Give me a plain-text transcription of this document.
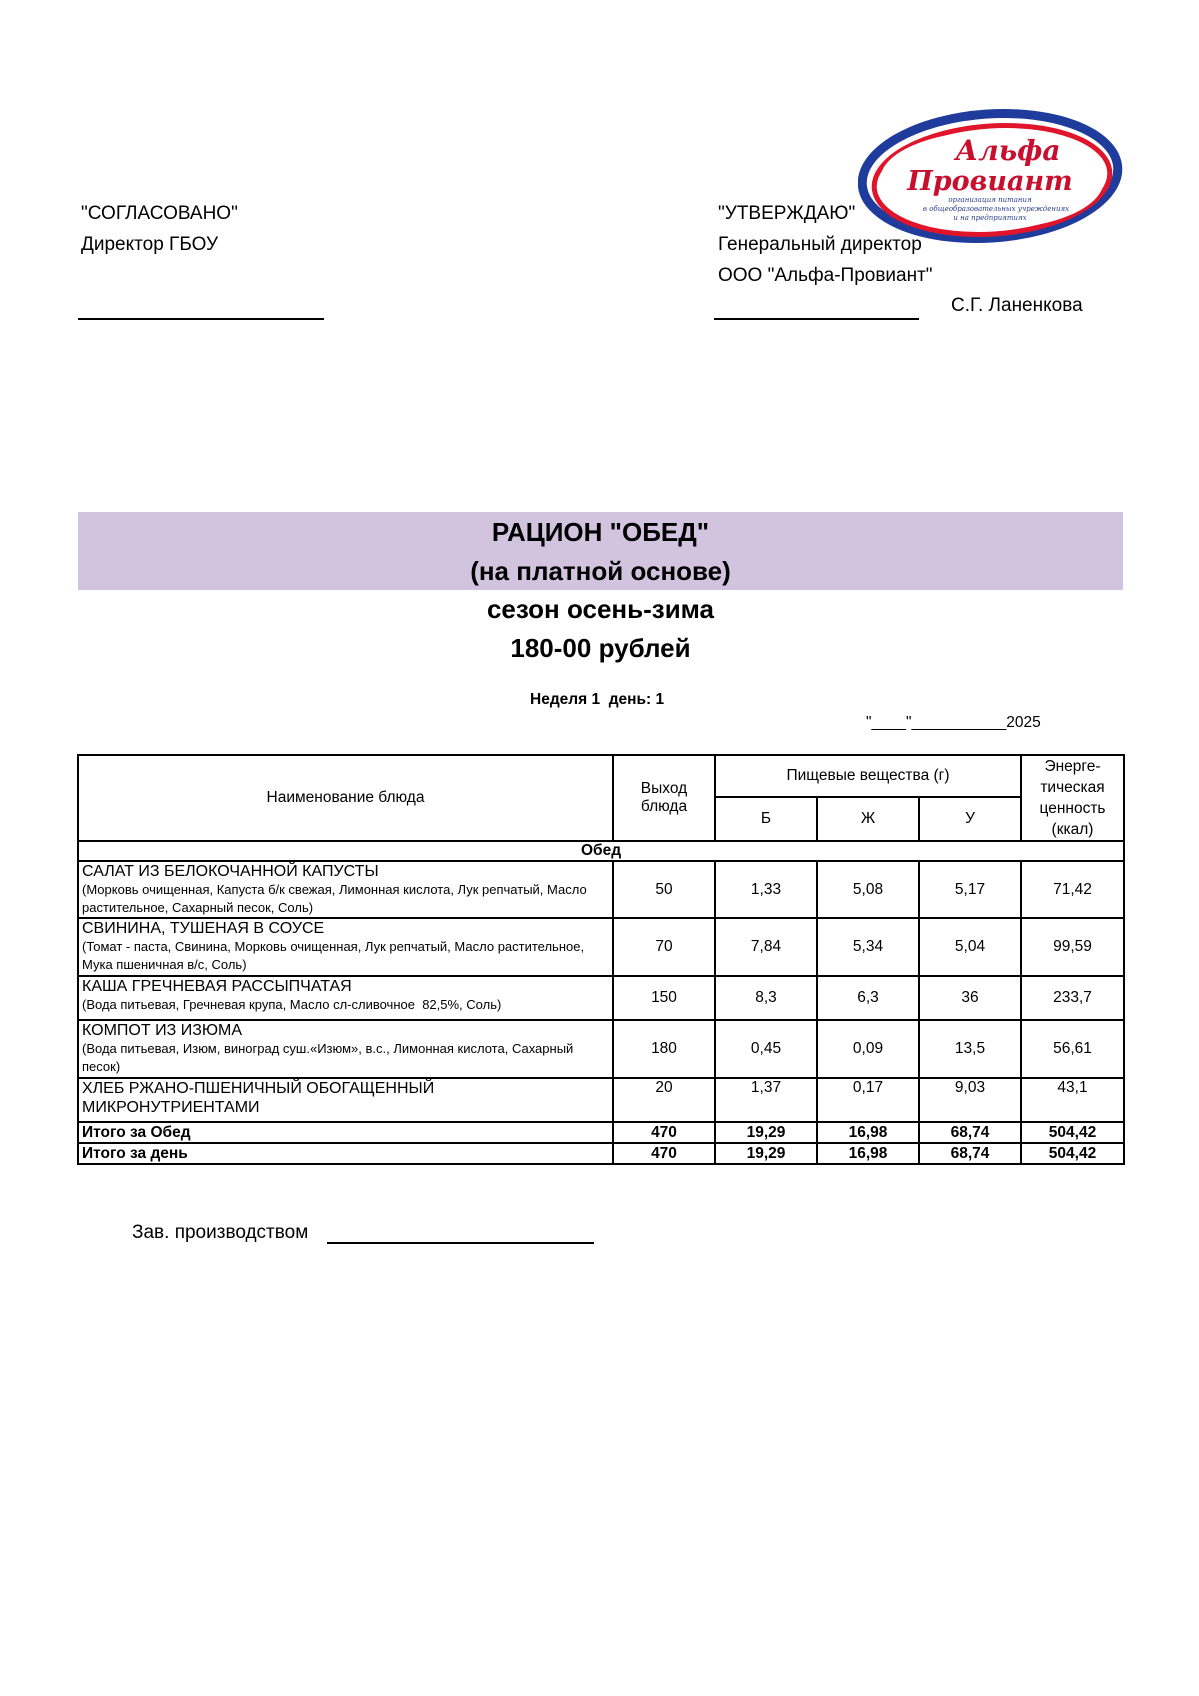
"СОГЛАСОВАНО"
Директор ГБОУ
"УТВЕРЖДАЮ"
Генеральный директор
ООО "Альфа-Провиант"
С.Г. Ланенкова
Альфа
Провиант
организация питания
в общеобразовательных учреждениях
и на предприятиях
РАЦИОН "ОБЕД"
(на платной основе)
сезон осень-зима
180-00 рублей
Неделя 1  день: 1
"____"___________2025
Наименование блюда	Выход блюда	Пищевые вещества (г)			Энерге-тическая ценность (ккал)
		Б	Ж	У	
Обед					

САЛАТ ИЗ БЕЛОКОЧАННОЙ КАПУСТЫ
(Морковь очищенная, Капуста б/к свежая, Лимонная кислота, Лук репчатый, Масло растительное, Сахарный песок, Соль)	50	1,33	5,08	5,17	71,42

СВИНИНА, ТУШЕНАЯ В СОУСЕ
(Томат - паста, Свинина, Морковь очищенная, Лук репчатый, Масло растительное, Мука пшеничная в/с, Соль)	70	7,84	5,34	5,04	99,59

КАША ГРЕЧНЕВАЯ РАССЫПЧАТАЯ
(Вода питьевая, Гречневая крупа, Масло сл-сливочное  82,5%, Соль)	150	8,3	6,3	36	233,7

КОМПОТ ИЗ ИЗЮМА
(Вода питьевая, Изюм, виноград суш.«Изюм», в.с., Лимонная кислота, Сахарный песок)	180	0,45	0,09	13,5	56,61

ХЛЕБ РЖАНО-ПШЕНИЧНЫЙ ОБОГАЩЕННЫЙ МИКРОНУТРИЕНТАМИ	20	1,37	0,17	9,03	43,1
Итого за Обед	470	19,29	16,98	68,74	504,42
Итого за день	470	19,29	16,98	68,74	504,42
Зав. производством
